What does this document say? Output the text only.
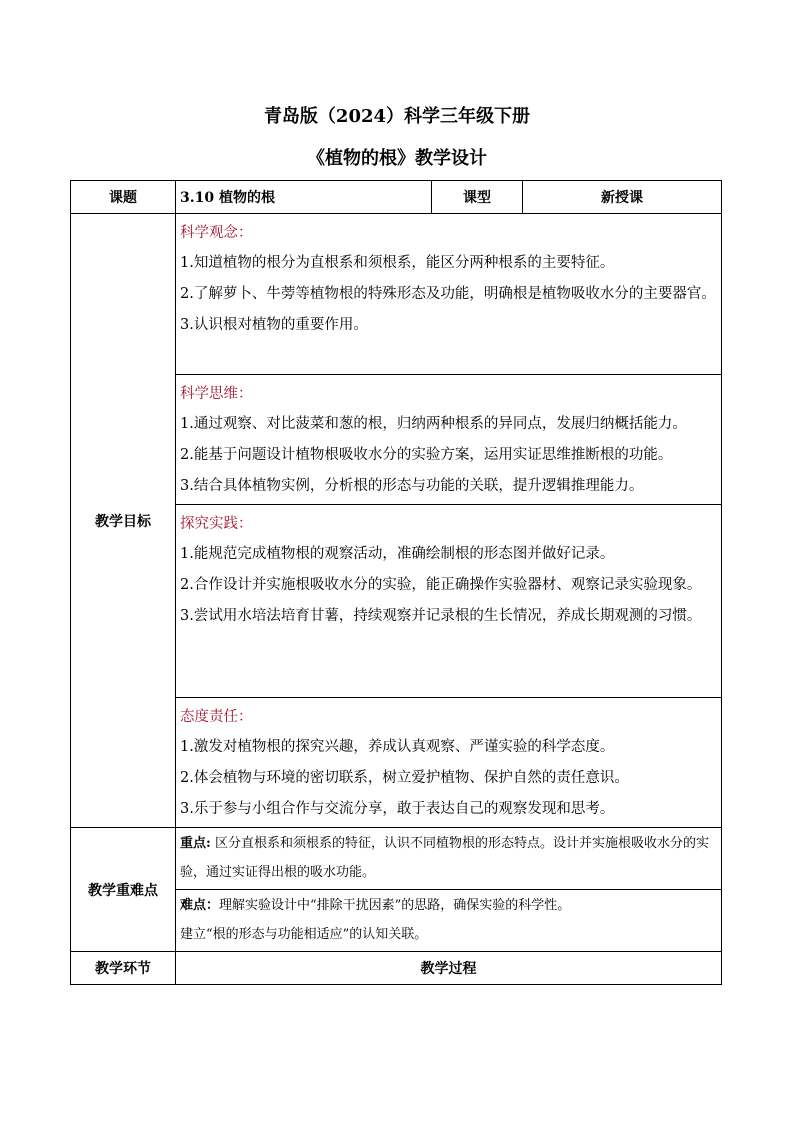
青岛版（2024）科学三年级下册
《植物的根》教学设计
课题	3.10 植物的根	课型	新授课
教学目标	科学观念：
1.知道植物的根分为直根系和须根系，能区分两种根系的主要特征。
2.了解萝卜、牛蒡等植物根的特殊形态及功能，明确根是植物吸收水分的主要器官。
3.认识根对植物的重要作用。		

	科学思维：
1.通过观察、对比菠菜和葱的根，归纳两种根系的异同点，发展归纳概括能力。
2.能基于问题设计植物根吸收水分的实验方案，运用实证思维推断根的功能。
3.结合具体植物实例，分析根的形态与功能的关联，提升逻辑推理能力。		

	探究实践：
1.能规范完成植物根的观察活动，准确绘制根的形态图并做好记录。
2.合作设计并实施根吸收水分的实验，能正确操作实验器材、观察记录实验现象。
3.尝试用水培法培育甘薯，持续观察并记录根的生长情况，养成长期观测的习惯。		

	态度责任：
1.激发对植物根的探究兴趣，养成认真观察、严谨实验的科学态度。
2.体会植物与环境的密切联系，树立爱护植物、保护自然的责任意识。
3.乐于参与小组合作与交流分享，敢于表达自己的观察发现和思考。		

教学重难点	重点: 区分直根系和须根系的特征，认识不同植物根的形态特点。设计并实施根吸收水分的实验，通过实证得出根的吸水功能。		

	难点：理解实验设计中“排除干扰因素”的思路，确保实验的科学性。
建立“根的形态与功能相适应”的认知关联。		

教学环节	教学过程		
